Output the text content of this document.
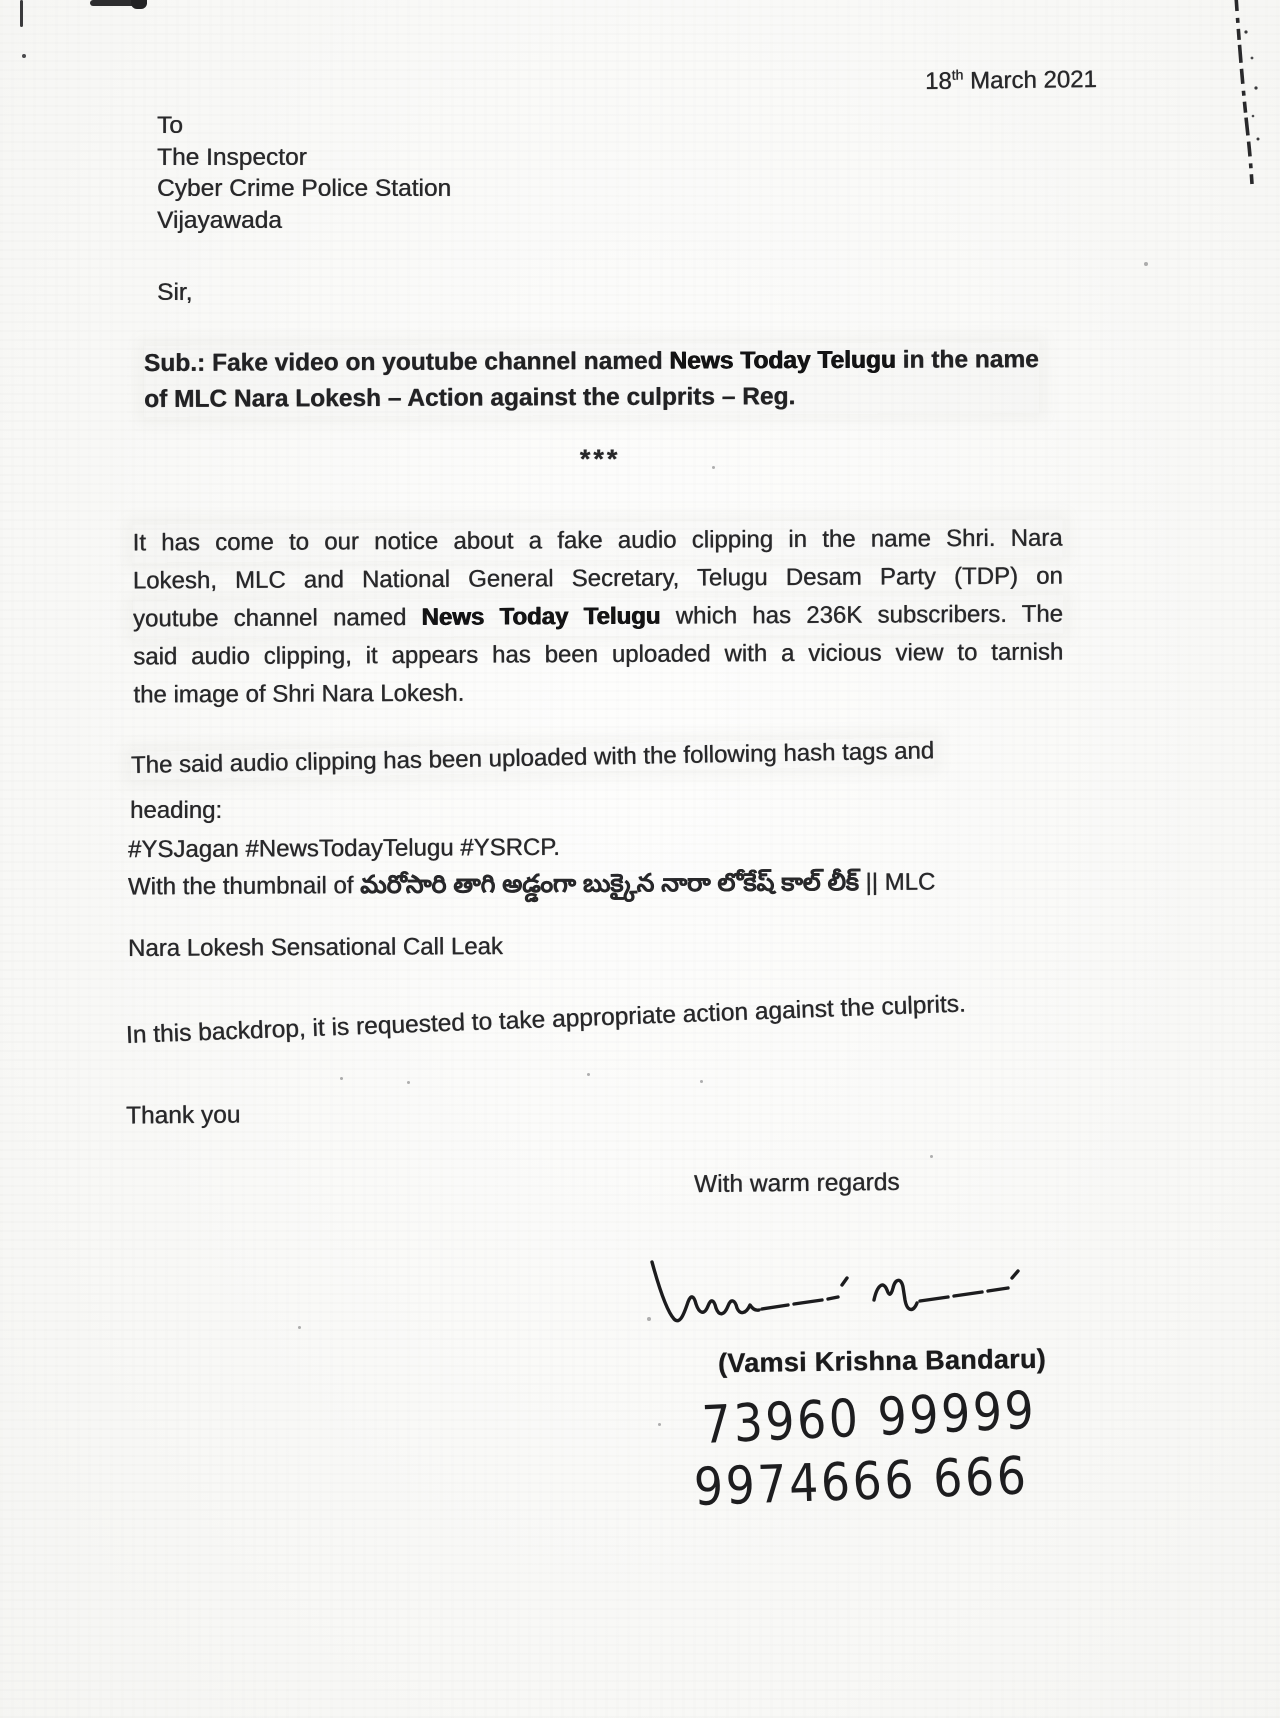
18th March 2021
To
The Inspector
Cyber Crime Police Station
Vijayawada
Sir,
Sub.: Fake video on youtube channel named News Today Telugu in the name
of MLC Nara Lokesh – Action against the culprits – Reg.
***
It has come to our notice about a fake audio clipping in the name Shri. Nara
Lokesh, MLC and National General Secretary, Telugu Desam Party (TDP) on
youtube channel named News Today Telugu which has 236K subscribers. The
said audio clipping, it appears has been uploaded with a vicious view to tarnish
the image of Shri Nara Lokesh.
The said audio clipping has been uploaded with the following hash tags and
heading:
#YSJagan #NewsTodayTelugu #YSRCP.
With the thumbnail of మరోసారి తాగి అడ్డంగా బుక్కైన నారా లోకేష్ కాల్ లీక్ || MLC
Nara Lokesh Sensational Call Leak
In this backdrop, it is requested to take appropriate action against the culprits.
Thank you
With warm regards
(Vamsi Krishna Bandaru)
73960 99999
9974666 666
